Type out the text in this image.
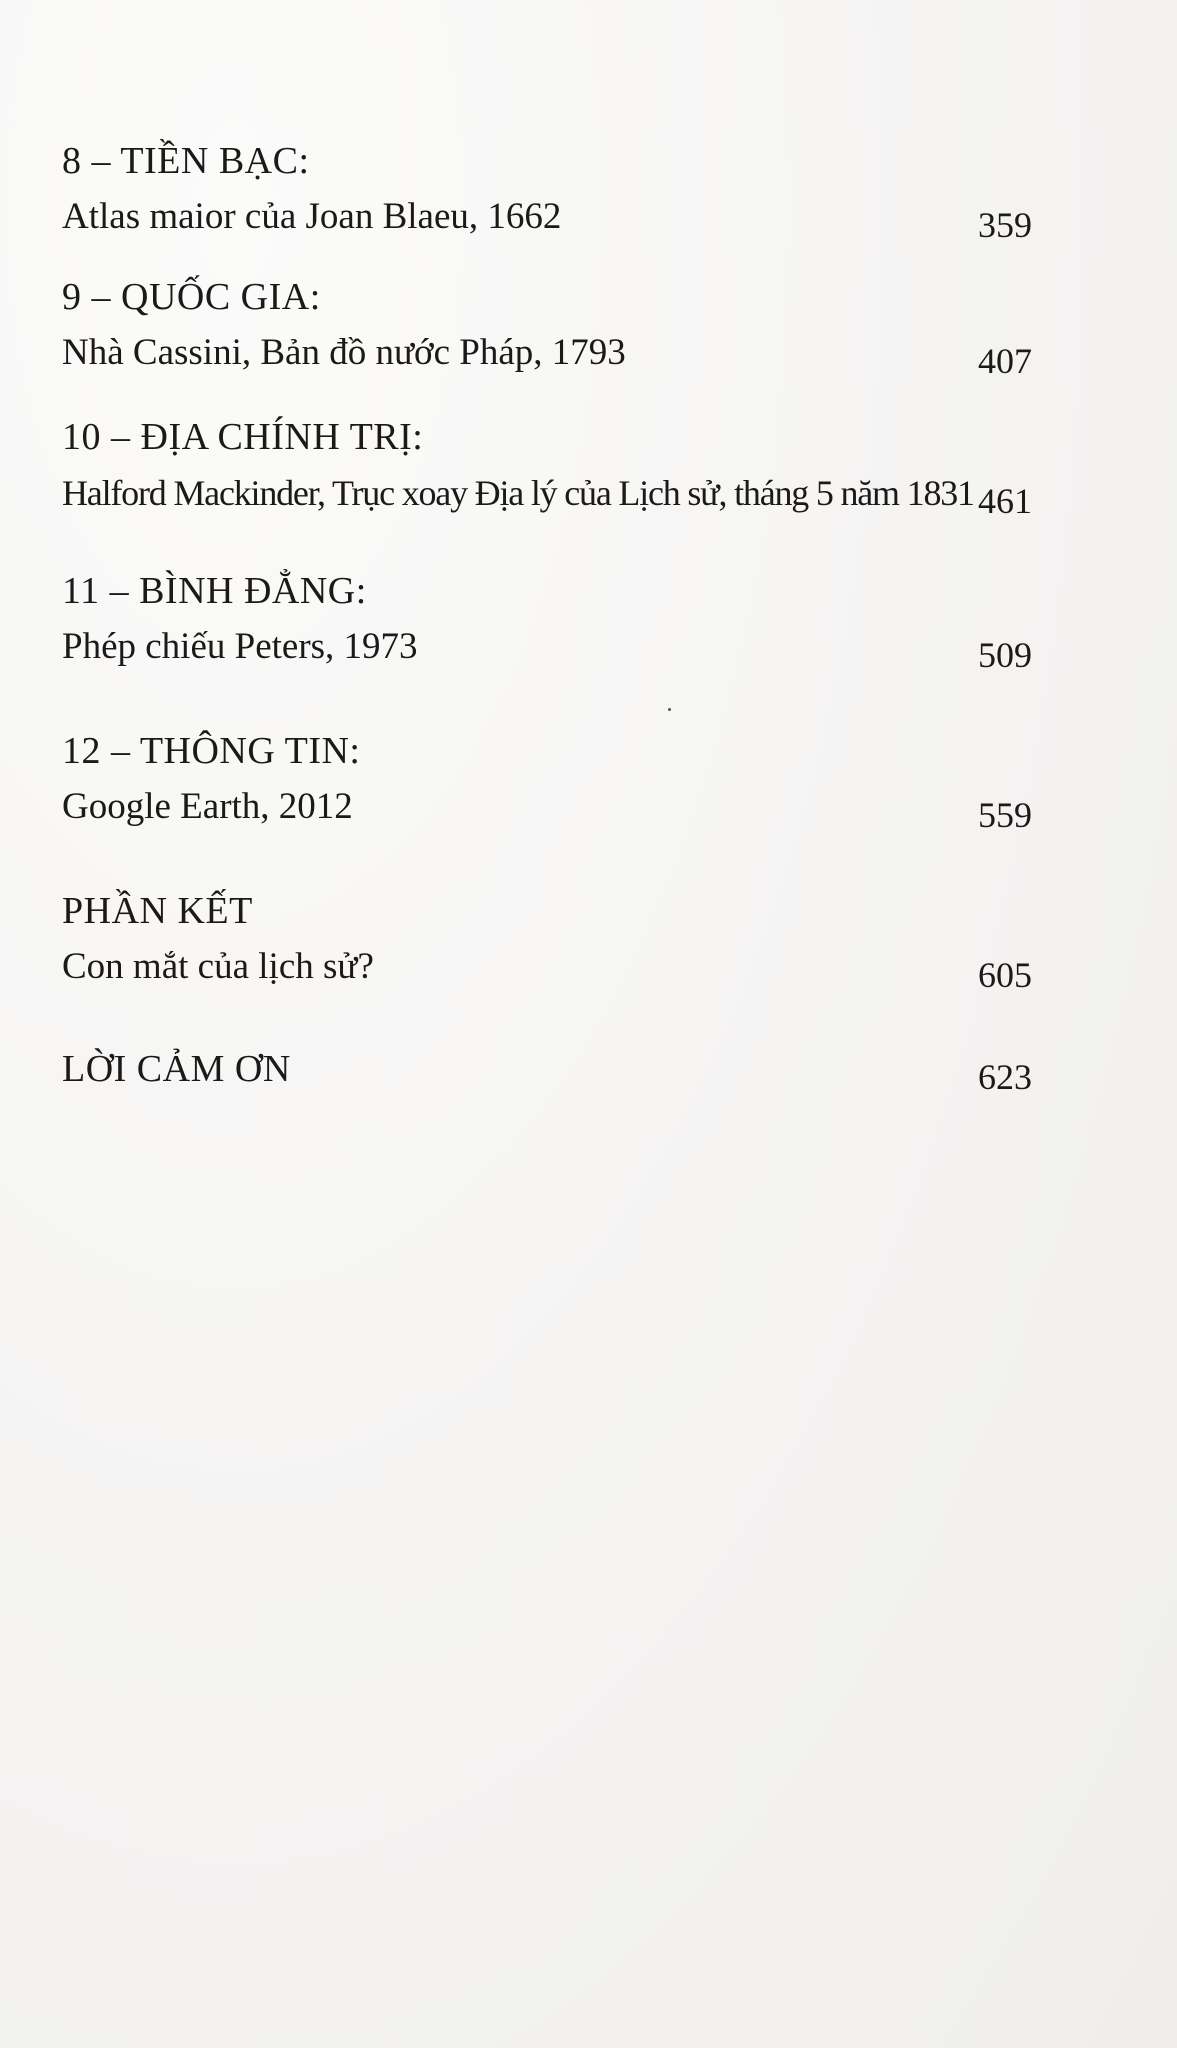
8 – TIỀN BẠC:
Atlas maior của Joan Blaeu, 1662	359
9 – QUỐC GIA:
Nhà Cassini, Bản đồ nước Pháp, 1793	407
10 – ĐỊA CHÍNH TRỊ:
Halford Mackinder, Trục xoay Địa lý của Lịch sử, tháng 5 năm 1831 461
11 – BÌNH ĐẲNG:
Phép chiếu Peters, 1973	509
12 – THÔNG TIN:
Google Earth, 2012	559
PHẦN KẾT
Con mắt của lịch sử?	605
LỜI CẢM ƠN	623
